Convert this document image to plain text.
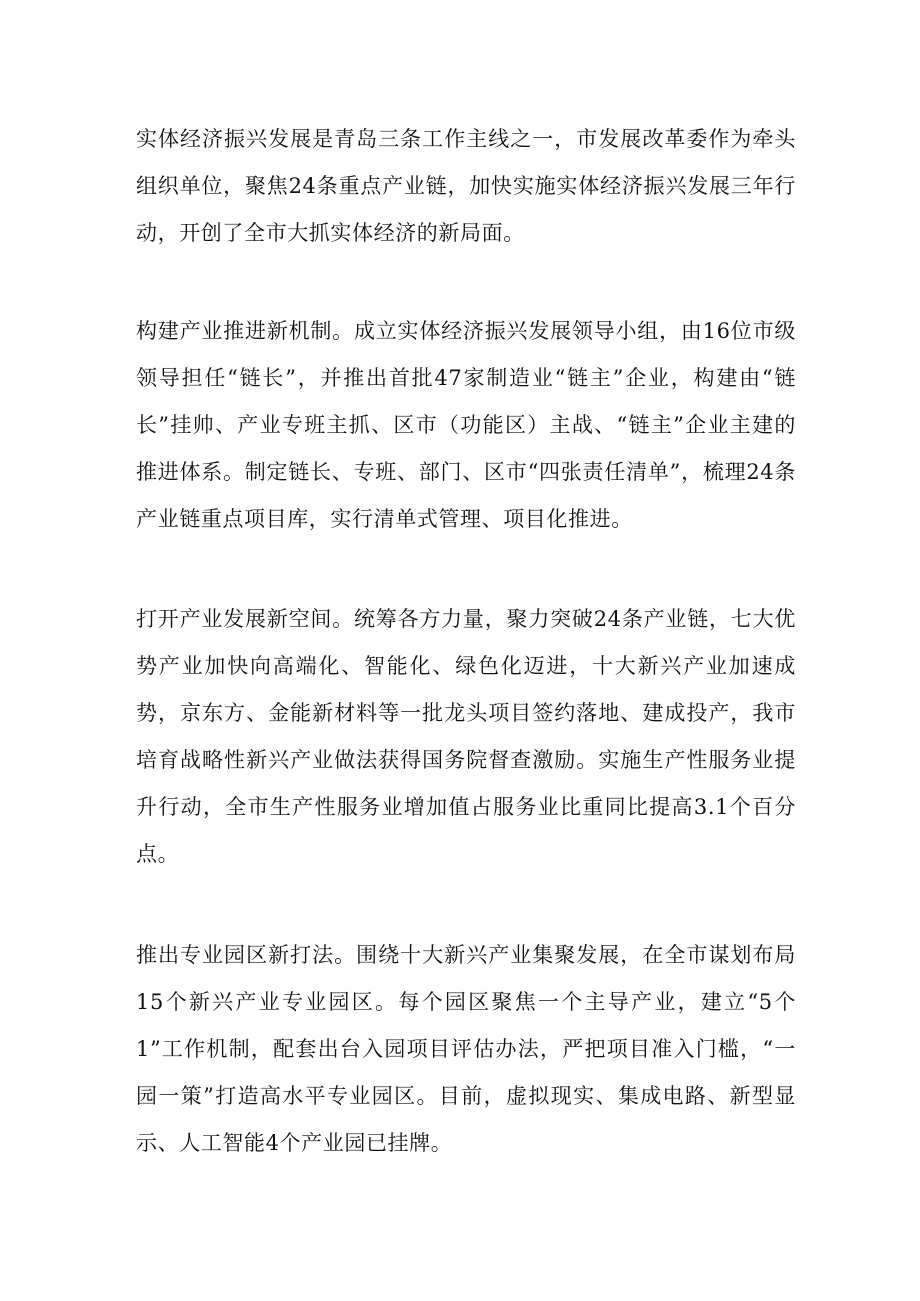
实体经济振兴发展是青岛三条工作主线之一，市发展改革委作为牵头组织单位，聚焦24条重点产业链，加快实施实体经济振兴发展三年行动，开创了全市大抓实体经济的新局面。

构建产业推进新机制。成立实体经济振兴发展领导小组，由16位市级领导担任“链长”，并推出首批47家制造业“链主”企业，构建由“链长”挂帅、产业专班主抓、区市（功能区）主战、“链主”企业主建的推进体系。制定链长、专班、部门、区市“四张责任清单”，梳理24条产业链重点项目库，实行清单式管理、项目化推进。

打开产业发展新空间。统筹各方力量，聚力突破24条产业链，七大优势产业加快向高端化、智能化、绿色化迈进，十大新兴产业加速成势，京东方、金能新材料等一批龙头项目签约落地、建成投产，我市培育战略性新兴产业做法获得国务院督查激励。实施生产性服务业提升行动，全市生产性服务业增加值占服务业比重同比提高3.1个百分点。

推出专业园区新打法。围绕十大新兴产业集聚发展，在全市谋划布局15个新兴产业专业园区。每个园区聚焦一个主导产业，建立“5个1”工作机制，配套出台入园项目评估办法，严把项目准入门槛，“一园一策”打造高水平专业园区。目前，虚拟现实、集成电路、新型显示、人工智能4个产业园已挂牌。
